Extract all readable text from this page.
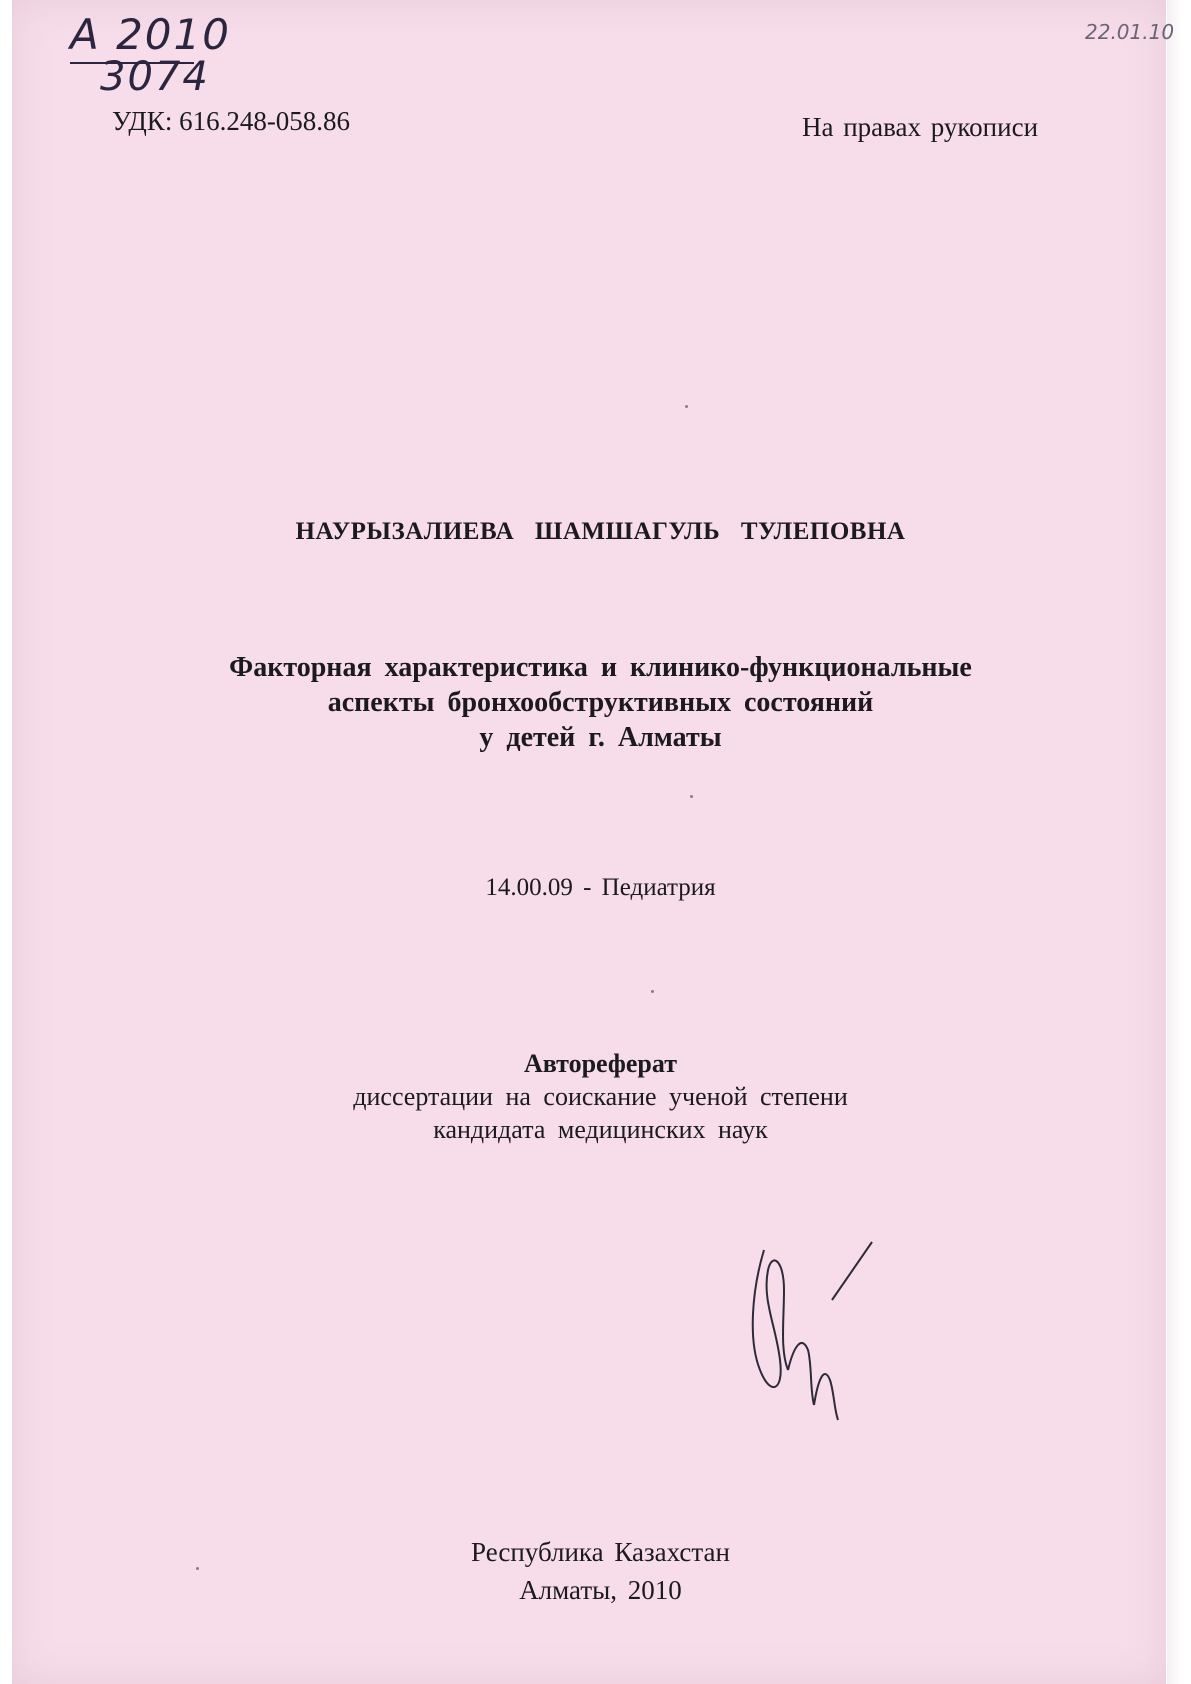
А 2010
3074
22.01.10
УДК: 616.248-058.86	На правах рукописи
НАУРЫЗАЛИЕВА ШАМШАГУЛЬ ТУЛЕПОВНА
Факторная характеристика и клинико-функциональные
аспекты бронхообструктивных состояний
у детей г. Алматы
14.00.09 - Педиатрия
Автореферат
диссертации на соискание ученой степени
кандидата медицинских наук
Республика Казахстан
Алматы, 2010
